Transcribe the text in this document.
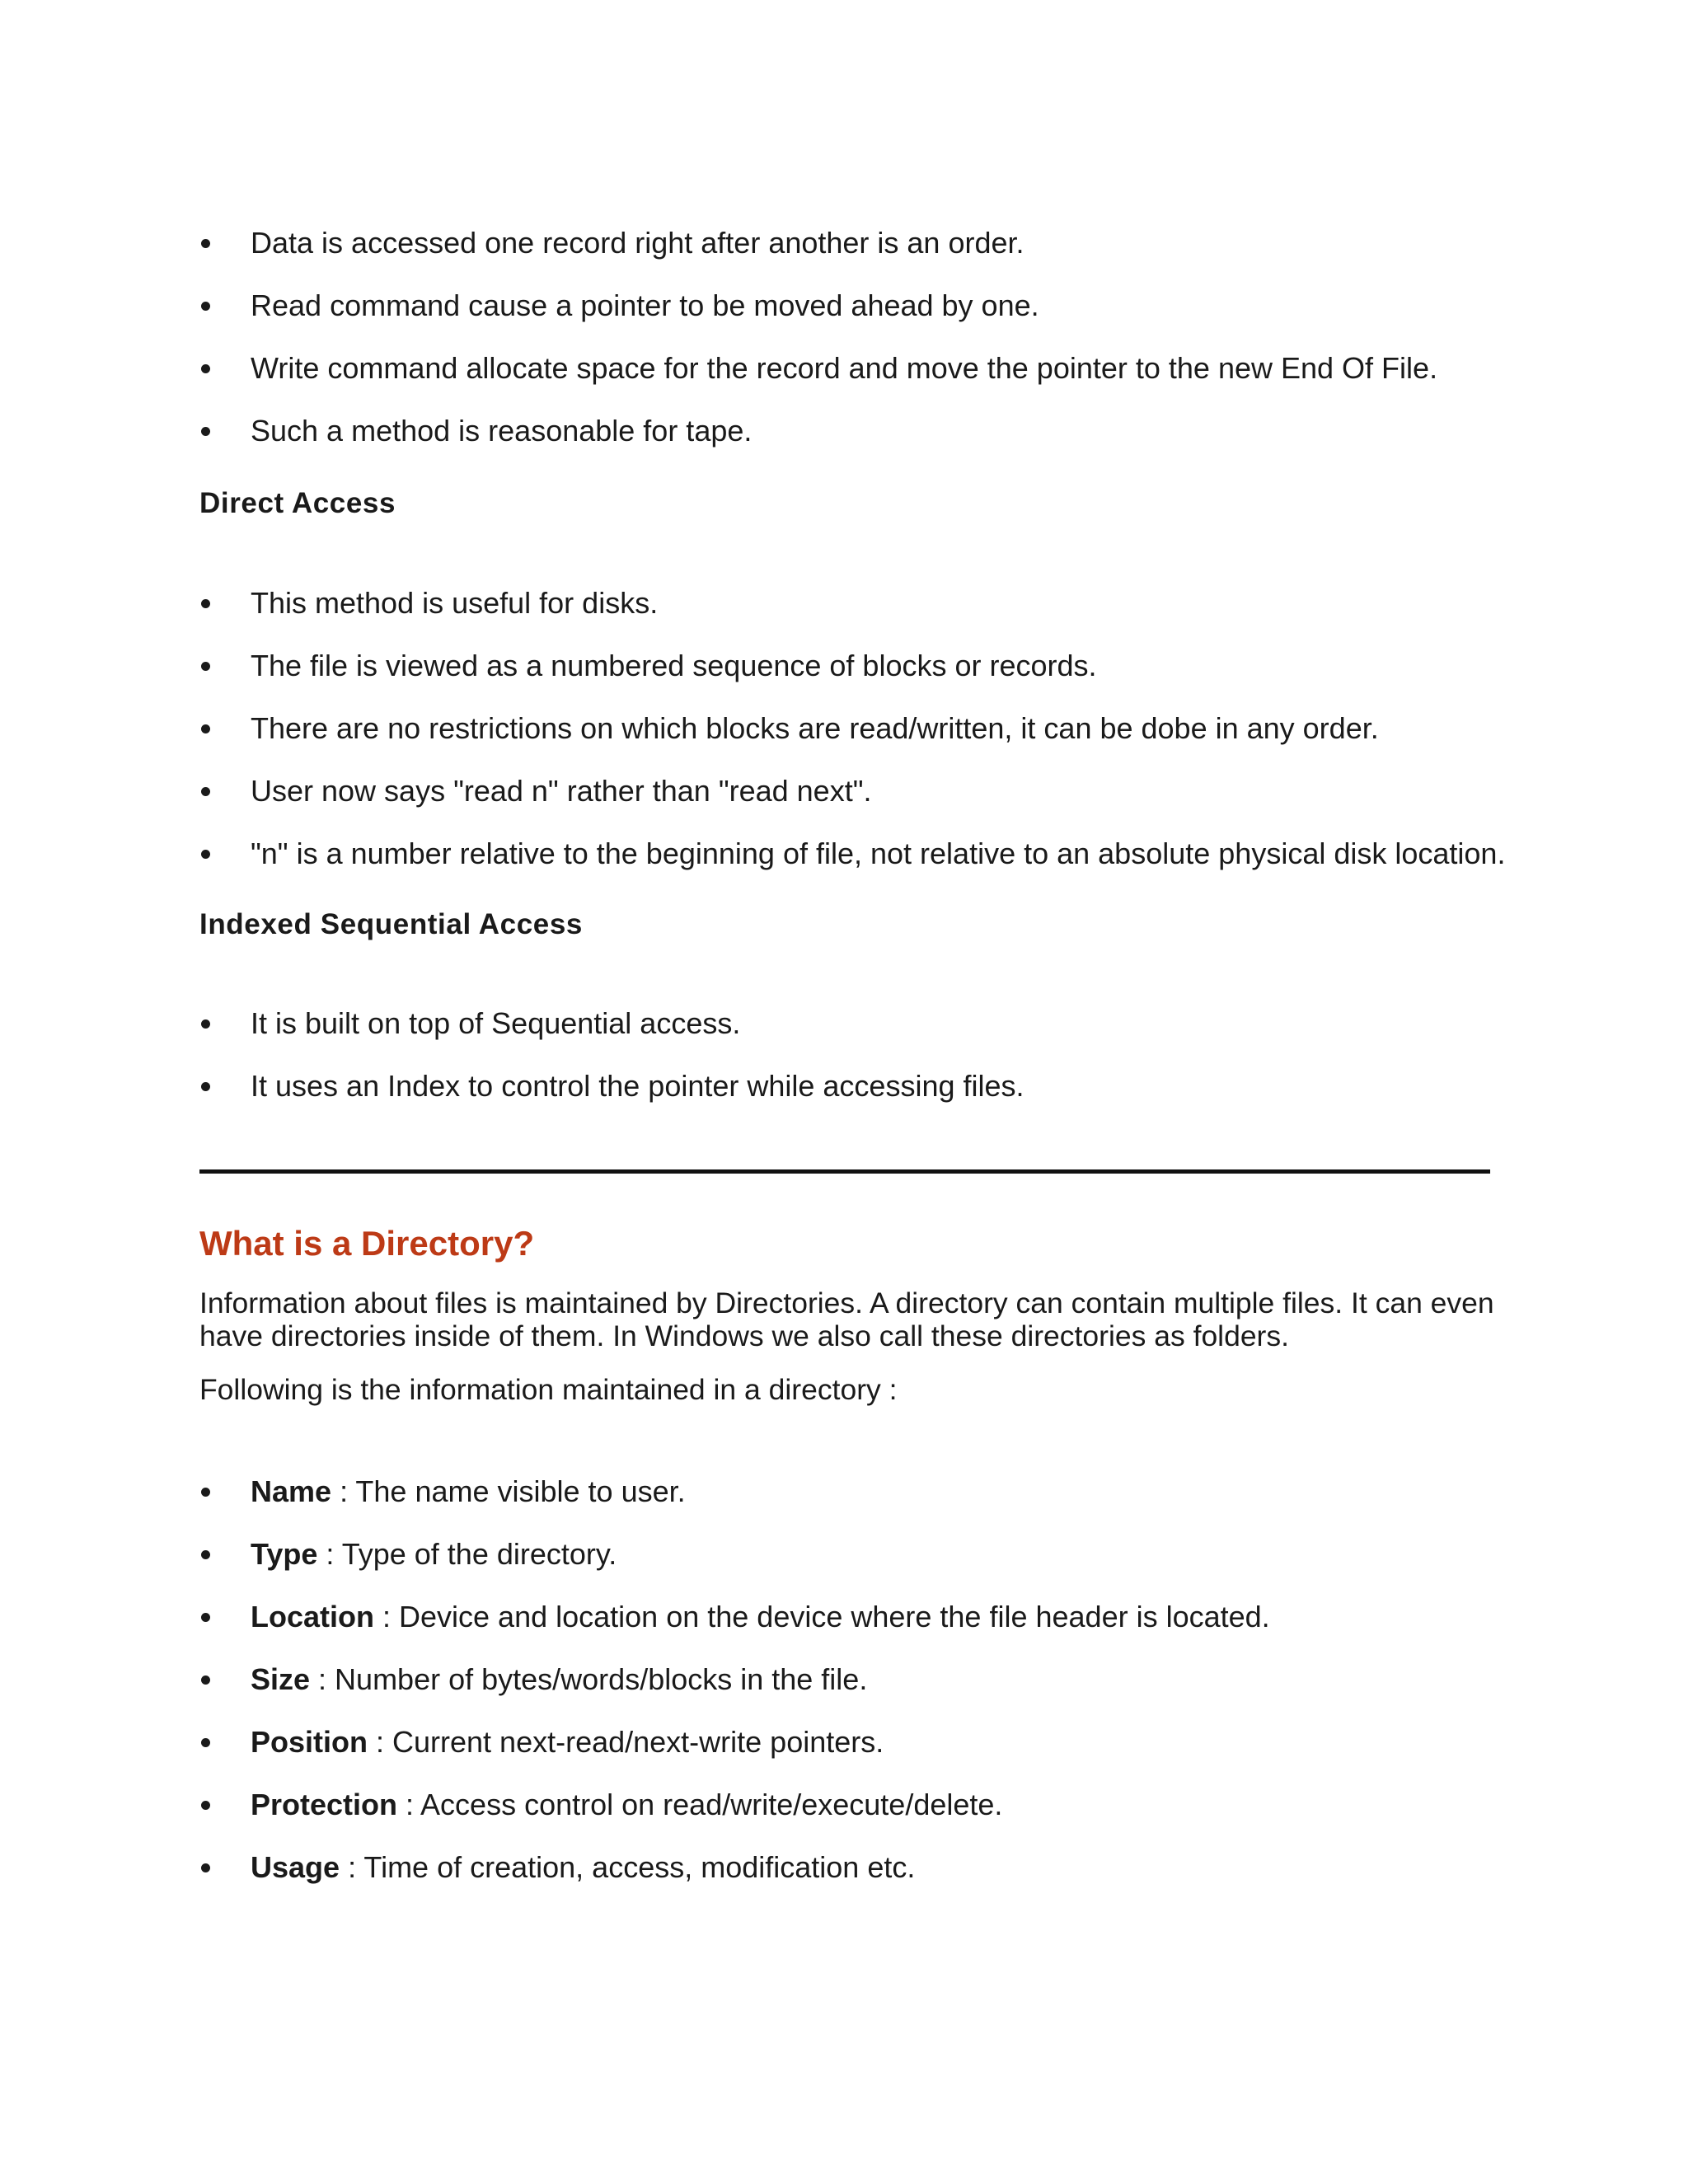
Data is accessed one record right after another is an order.
Read command cause a pointer to be moved ahead by one.
Write command allocate space for the record and move the pointer to the new End Of File.
Such a method is reasonable for tape.
Direct Access
This method is useful for disks.
The file is viewed as a numbered sequence of blocks or records.
There are no restrictions on which blocks are read/written, it can be dobe in any order.
User now says "read n" rather than "read next".
"n" is a number relative to the beginning of file, not relative to an absolute physical disk location.
Indexed Sequential Access
It is built on top of Sequential access.
It uses an Index to control the pointer while accessing files.
What is a Directory?
Information about files is maintained by Directories. A directory can contain multiple files. It can even have directories inside of them. In Windows we also call these directories as folders.
Following is the information maintained in a directory :
Name : The name visible to user.
Type : Type of the directory.
Location : Device and location on the device where the file header is located.
Size : Number of bytes/words/blocks in the file.
Position : Current next-read/next-write pointers.
Protection : Access control on read/write/execute/delete.
Usage : Time of creation, access, modification etc.
